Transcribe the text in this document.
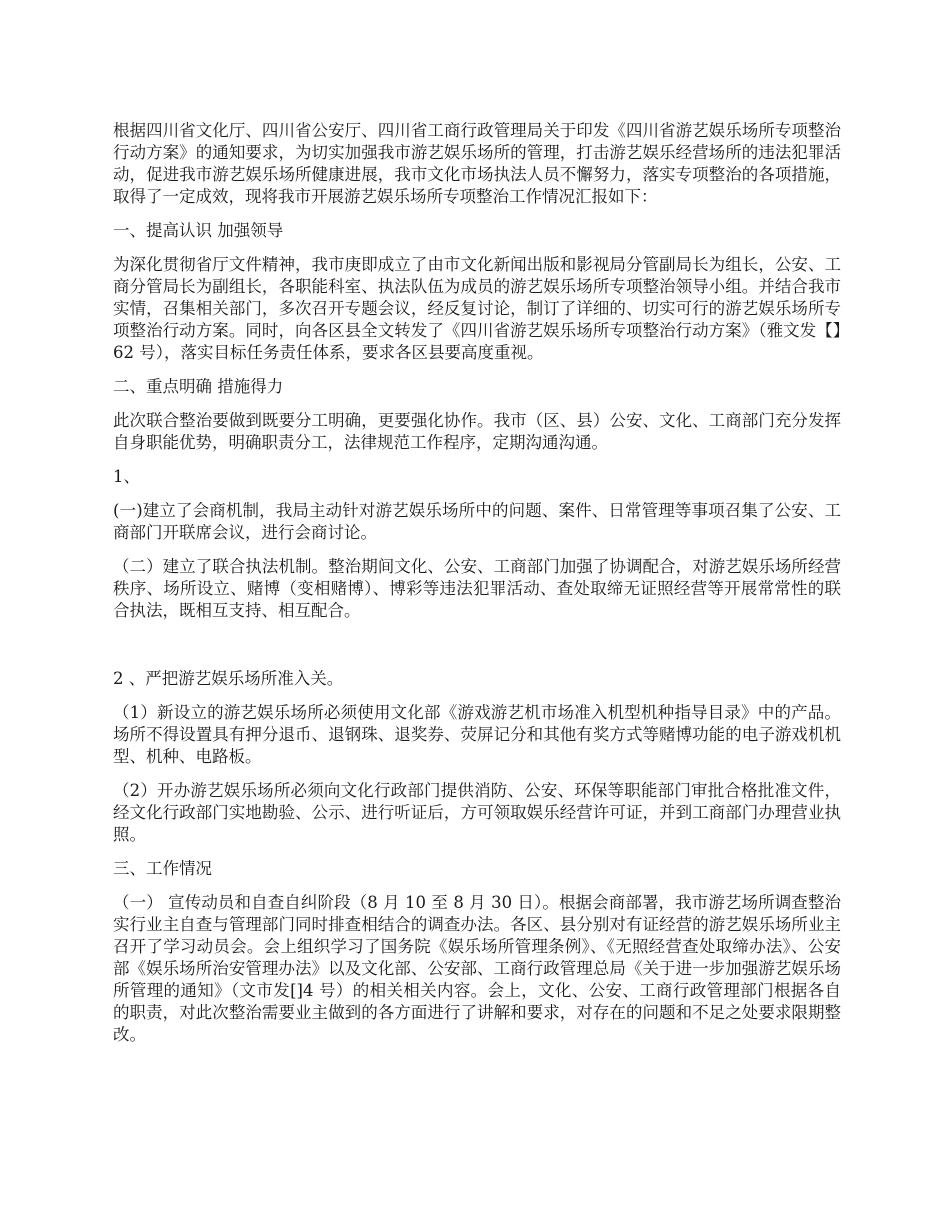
根据四川省文化厅、四川省公安厅、四川省工商行政管理局关于印发《四川省游艺娱乐场所专项整治行动方案》的通知要求，为切实加强我市游艺娱乐场所的管理，打击游艺娱乐经营场所的违法犯罪活动，促进我市游艺娱乐场所健康进展，我市文化市场执法人员不懈努力，落实专项整治的各项措施，取得了一定成效，现将我市开展游艺娱乐场所专项整治工作情况汇报如下：

一、提高认识 加强领导

为深化贯彻省厅文件精神，我市庚即成立了由市文化新闻出版和影视局分管副局长为组长，公安、工商分管局长为副组长，各职能科室、执法队伍为成员的游艺娱乐场所专项整治领导小组。并结合我市实情，召集相关部门，多次召开专题会议，经反复讨论，制订了详细的、切实可行的游艺娱乐场所专项整治行动方案。同时，向各区县全文转发了《四川省游艺娱乐场所专项整治行动方案》（雅文发【】62 号），落实目标任务责任体系，要求各区县要高度重视。

二、重点明确 措施得力

此次联合整治要做到既要分工明确，更要强化协作。我市（区、县）公安、文化、工商部门充分发挥自身职能优势，明确职责分工，法律规范工作程序，定期沟通沟通。

1、

(一)建立了会商机制，我局主动针对游艺娱乐场所中的问题、案件、日常管理等事项召集了公安、工商部门开联席会议，进行会商讨论。

（二）建立了联合执法机制。整治期间文化、公安、工商部门加强了协调配合，对游艺娱乐场所经营秩序、场所设立、赌博（变相赌博）、博彩等违法犯罪活动、查处取缔无证照经营等开展常常性的联合执法，既相互支持、相互配合。

2 、严把游艺娱乐场所准入关。

（1）新设立的游艺娱乐场所必须使用文化部《游戏游艺机市场准入机型机种指导目录》中的产品。场所不得设置具有押分退币、退钢珠、退奖券、荧屏记分和其他有奖方式等赌博功能的电子游戏机机型、机种、电路板。

（2）开办游艺娱乐场所必须向文化行政部门提供消防、公安、环保等职能部门审批合格批准文件，经文化行政部门实地勘验、公示、进行听证后，方可领取娱乐经营许可证，并到工商部门办理营业执照。

三、工作情况

（一） 宣传动员和自查自纠阶段（8 月 10 至 8 月 30 日）。根据会商部署，我市游艺场所调查整治实行业主自查与管理部门同时排查相结合的调查办法。各区、县分别对有证经营的游艺娱乐场所业主召开了学习动员会。会上组织学习了国务院《娱乐场所管理条例》、《无照经营查处取缔办法》、公安部《娱乐场所治安管理办法》以及文化部、公安部、工商行政管理总局《关于进一步加强游艺娱乐场所管理的通知》（文市发[]4 号）的相关相关内容。会上，文化、公安、工商行政管理部门根据各自的职责，对此次整治需要业主做到的各方面进行了讲解和要求，对存在的问题和不足之处要求限期整改。
